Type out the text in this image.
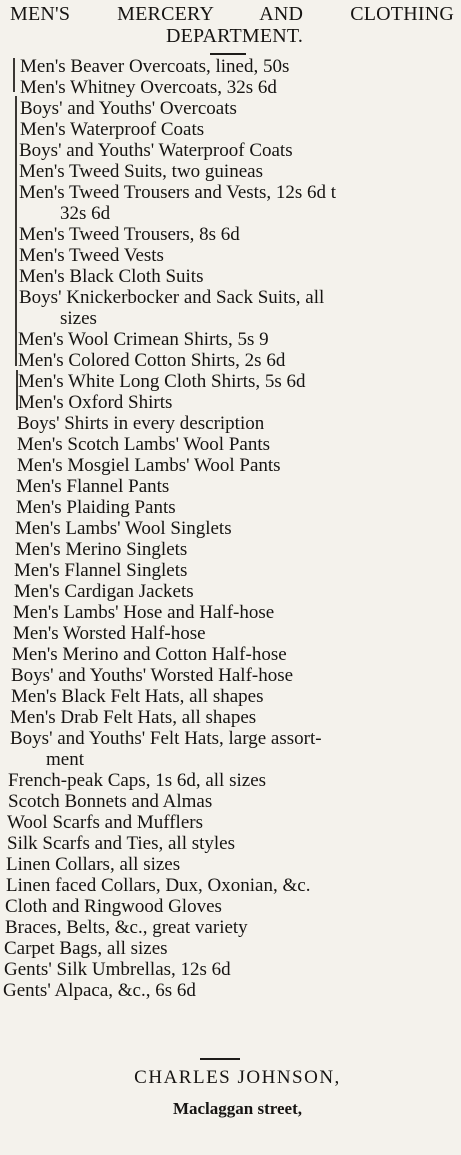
MEN'S MERCERY AND CLOTHING
DEPARTMENT.
Men's Beaver Overcoats, lined, 50s
Men's Whitney Overcoats, 32s 6d
Boys' and Youths' Overcoats
Men's Waterproof Coats
Boys' and Youths' Waterproof Coats
Men's Tweed Suits, two guineas
Men's Tweed Trousers and Vests, 12s 6d t
32s 6d
Men's Tweed Trousers, 8s 6d
Men's Tweed Vests
Men's Black Cloth Suits
Boys' Knickerbocker and Sack Suits, all
sizes
Men's Wool Crimean Shirts, 5s 9
Men's Colored Cotton Shirts, 2s 6d
Men's White Long Cloth Shirts, 5s 6d
Men's Oxford Shirts
Boys' Shirts in every description
Men's Scotch Lambs' Wool Pants
Men's Mosgiel Lambs' Wool Pants
Men's Flannel Pants
Men's Plaiding Pants
Men's Lambs' Wool Singlets
Men's Merino Singlets
Men's Flannel Singlets
Men's Cardigan Jackets
Men's Lambs' Hose and Half-hose
Men's Worsted Half-hose
Men's Merino and Cotton Half-hose
Boys' and Youths' Worsted Half-hose
Men's Black Felt Hats, all shapes
Men's Drab Felt Hats, all shapes
Boys' and Youths' Felt Hats, large assort-
ment
French-peak Caps, 1s 6d, all sizes
Scotch Bonnets and Almas
Wool Scarfs and Mufflers
Silk Scarfs and Ties, all styles
Linen Collars, all sizes
Linen faced Collars, Dux, Oxonian, &c.
Cloth and Ringwood Gloves
Braces, Belts, &c., great variety
Carpet Bags, all sizes
Gents' Silk Umbrellas, 12s 6d
Gents' Alpaca, &c., 6s 6d
CHARLES JOHNSON,
Maclaggan street,
